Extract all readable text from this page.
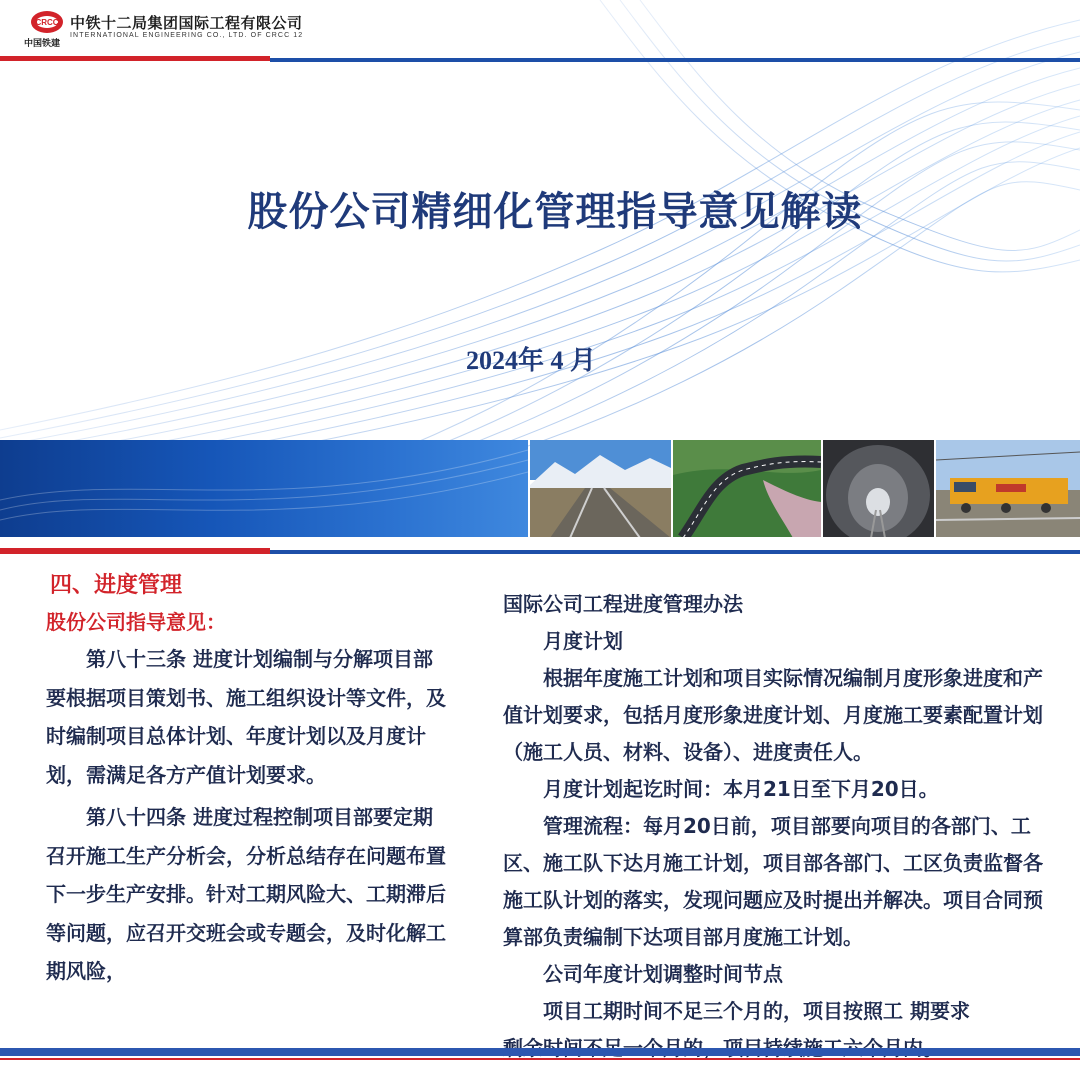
CRCC
中国铁建
中铁十二局集团国际工程有限公司
INTERNATIONAL ENGINEERING CO., LTD. OF CRCC 12
股份公司精细化管理指导意见解读
2024年 4 月
四、进度管理
股份公司指导意见：

第八十三条 进度计划编制与分解项目部要根据项目策划书、施工组织设计等文件，及时编制项目总体计划、年度计划以及月度计划，需满足各方产值计划要求。

第八十四条 进度过程控制项目部要定期召开施工生产分析会，分析总结存在问题布置下一步生产安排。针对工期风险大、工期滞后等问题，应召开交班会或专题会，及时化解工期风险，

国际公司工程进度管理办法

月度计划

根据年度施工计划和项目实际情况编制月度形象进度和产值计划要求，包括月度形象进度计划、月度施工要素配置计划（施工人员、材料、设备）、进度责任人。

月度计划起讫时间：本月21日至下月20日。

管理流程：每月20日前，项目部要向项目的各部门、工区、施工队下达月施工计划，项目部各部门、工区负责监督各施工队计划的落实，发现问题应及时提出并解决。项目合同预算部负责编制下达项目部月度施工计划。

公司年度计划调整时间节点

项目工期时间不足三个月的，项目按照工 期要求
